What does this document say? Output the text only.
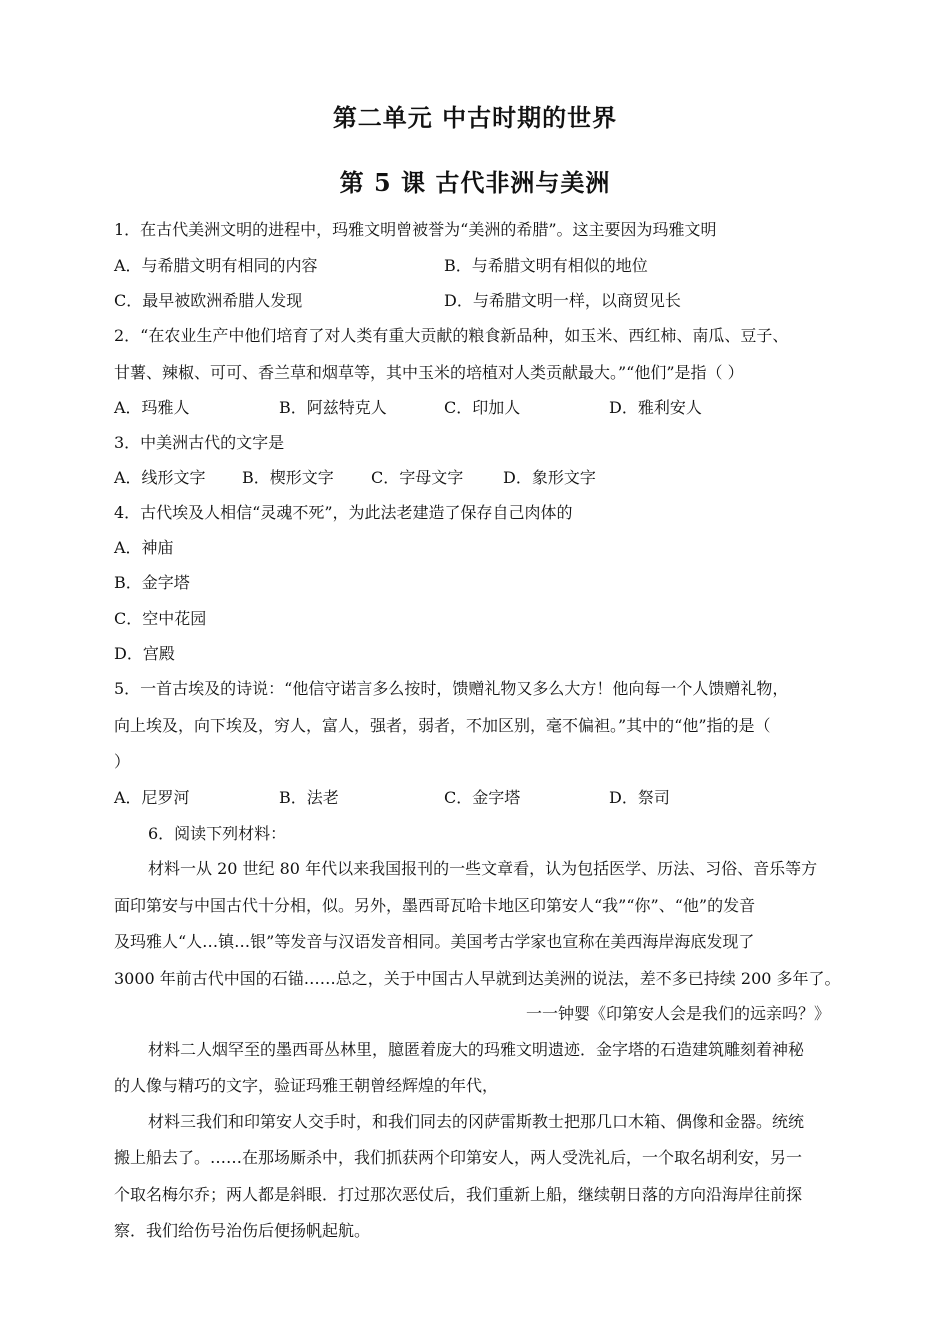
第二单元 中古时期的世界
第 5 课 古代非洲与美洲
1．在古代美洲文明的进程中，玛雅文明曾被誉为“美洲的希腊”。这主要因为玛雅文明
A．与希腊文明有相同的内容	B．与希腊文明有相似的地位
C．最早被欧洲希腊人发现	D．与希腊文明一样，以商贸见长
2．“在农业生产中他们培育了对人类有重大贡献的粮食新品种，如玉米、西红柿、南瓜、豆子、
甘薯、辣椒、可可、香兰草和烟草等，其中玉米的培植对人类贡献最大。”“他们”是指（ ）
A．玛雅人	B．阿兹特克人	C．印加人	D．雅利安人
3．中美洲古代的文字是
A．线形文字 B．楔形文字 C．字母文字 D．象形文字
4．古代埃及人相信“灵魂不死”，为此法老建造了保存自己肉体的
A．神庙
B．金字塔
C．空中花园
D．宫殿
5．一首古埃及的诗说：“他信守诺言多么按时，馈赠礼物又多么大方！他向每一个人馈赠礼物，
向上埃及，向下埃及，穷人，富人，强者，弱者，不加区别，毫不偏袒。”其中的“他”指的是（
）
A．尼罗河	B．法老	C．金字塔	D．祭司
6．阅读下列材料：
材料一从 20 世纪 80 年代以来我国报刊的一些文章看，认为包括医学、历法、习俗、音乐等方
面印第安与中国古代十分相，似。另外，墨西哥瓦哈卡地区印第安人“我”“你”、“他”的发音
及玛雅人“人…镇…银”等发音与汉语发音相同。美国考古学家也宣称在美西海岸海底发现了
3000 年前古代中国的石锚……总之，关于中国古人早就到达美洲的说法，差不多已持续 200 多年了。
一一钟婴《印第安人会是我们的远亲吗？》
材料二人烟罕至的墨西哥丛林里，臆匿着庞大的玛雅文明遗迹．金字塔的石造建筑雕刻着神秘
的人像与精巧的文字，验证玛雅王朝曾经辉煌的年代，
材料三我们和印第安人交手时，和我们同去的冈萨雷斯教士把那几口木箱、偶像和金器。统统
搬上船去了。……在那场厮杀中，我们抓获两个印第安人，两人受洗礼后，一个取名胡利安，另一
个取名梅尔乔；两人都是斜眼．打过那次恶仗后，我们重新上船，继续朝日落的方向沿海岸往前探
察．我们给伤号治伤后便扬帆起航。
